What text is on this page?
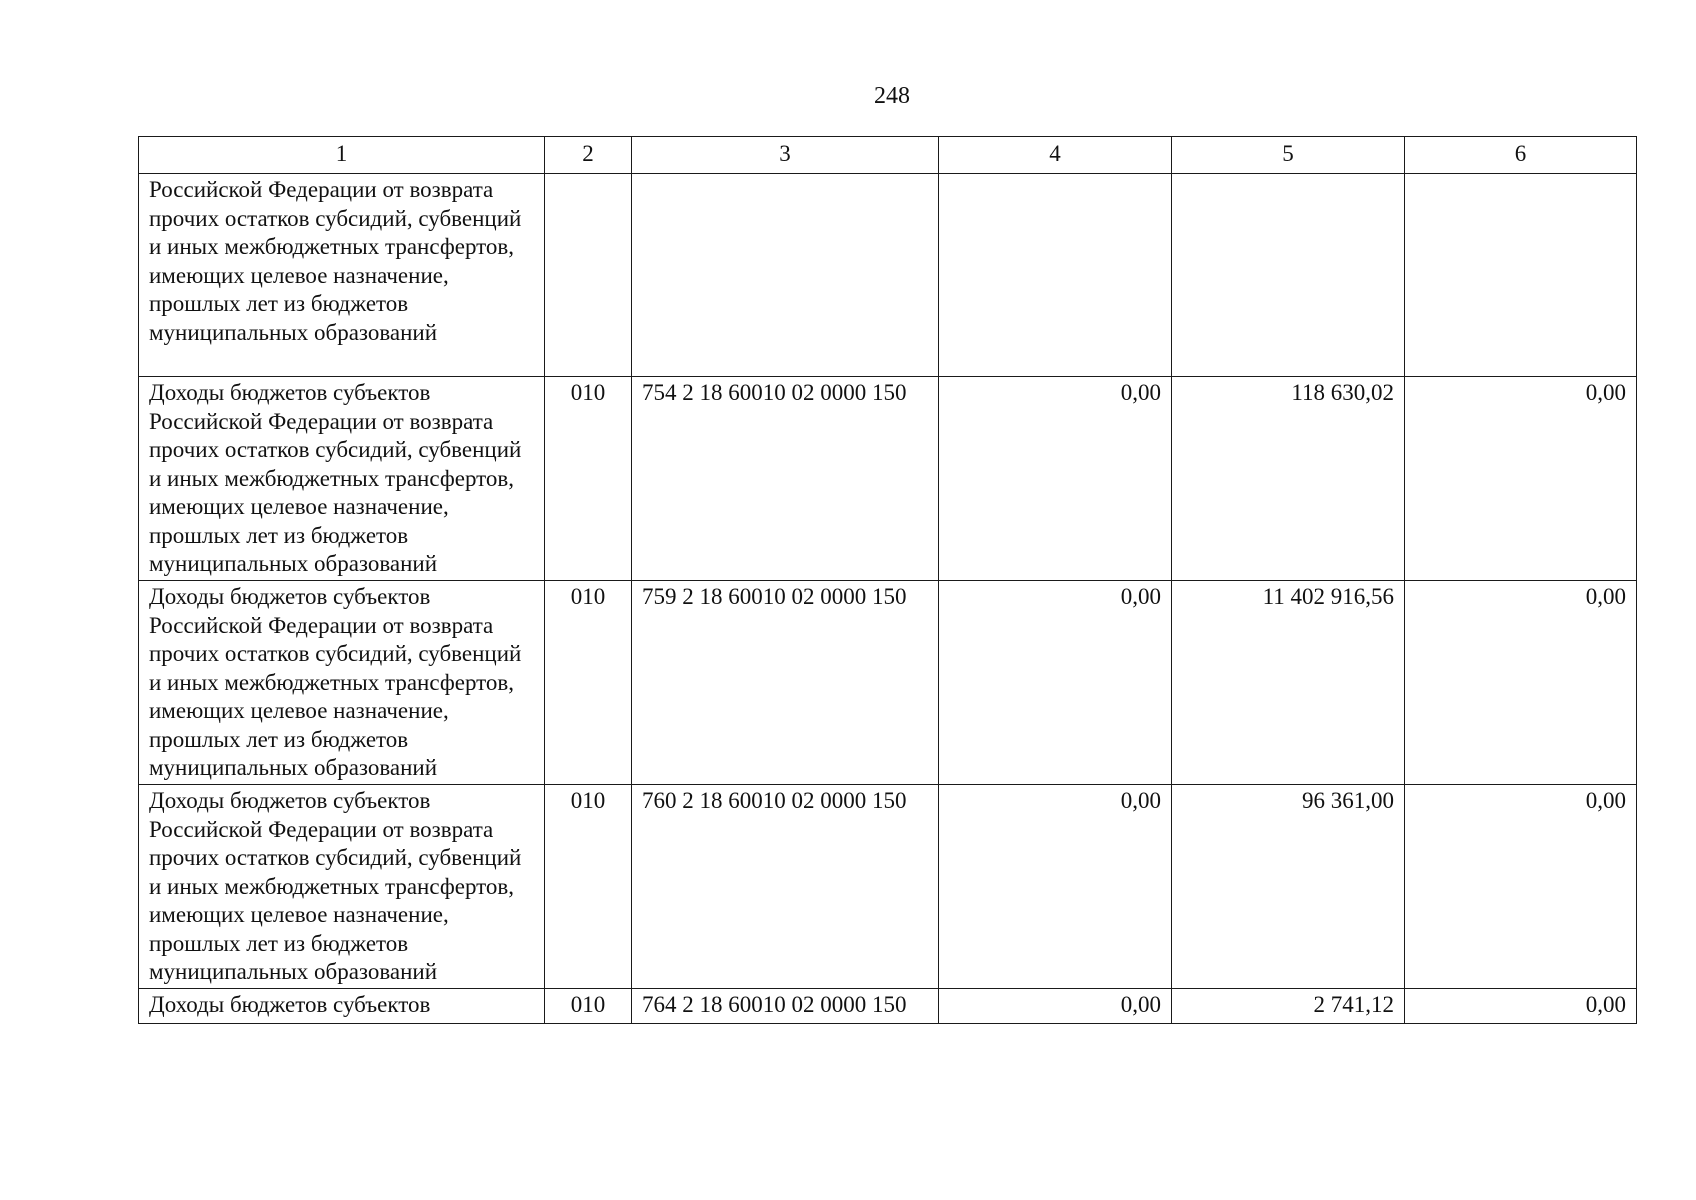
248
1	2	3	4	5	6
Российской Федерации от возврата прочих остатков субсидий, субвенций и иных межбюджетных трансфертов, имеющих целевое назначение, прошлых лет из бюджетов муниципальных образований					
Доходы бюджетов субъектов Российской Федерации от возврата прочих остатков субсидий, субвенций и иных межбюджетных трансфертов, имеющих целевое назначение, прошлых лет из бюджетов муниципальных образований	010	754 2 18 60010 02 0000 150	0,00	118 630,02	0,00
Доходы бюджетов субъектов Российской Федерации от возврата прочих остатков субсидий, субвенций и иных межбюджетных трансфертов, имеющих целевое назначение, прошлых лет из бюджетов муниципальных образований	010	759 2 18 60010 02 0000 150	0,00	11 402 916,56	0,00
Доходы бюджетов субъектов Российской Федерации от возврата прочих остатков субсидий, субвенций и иных межбюджетных трансфертов, имеющих целевое назначение, прошлых лет из бюджетов муниципальных образований	010	760 2 18 60010 02 0000 150	0,00	96 361,00	0,00
Доходы бюджетов субъектов	010	764 2 18 60010 02 0000 150	0,00	2 741,12	0,00
